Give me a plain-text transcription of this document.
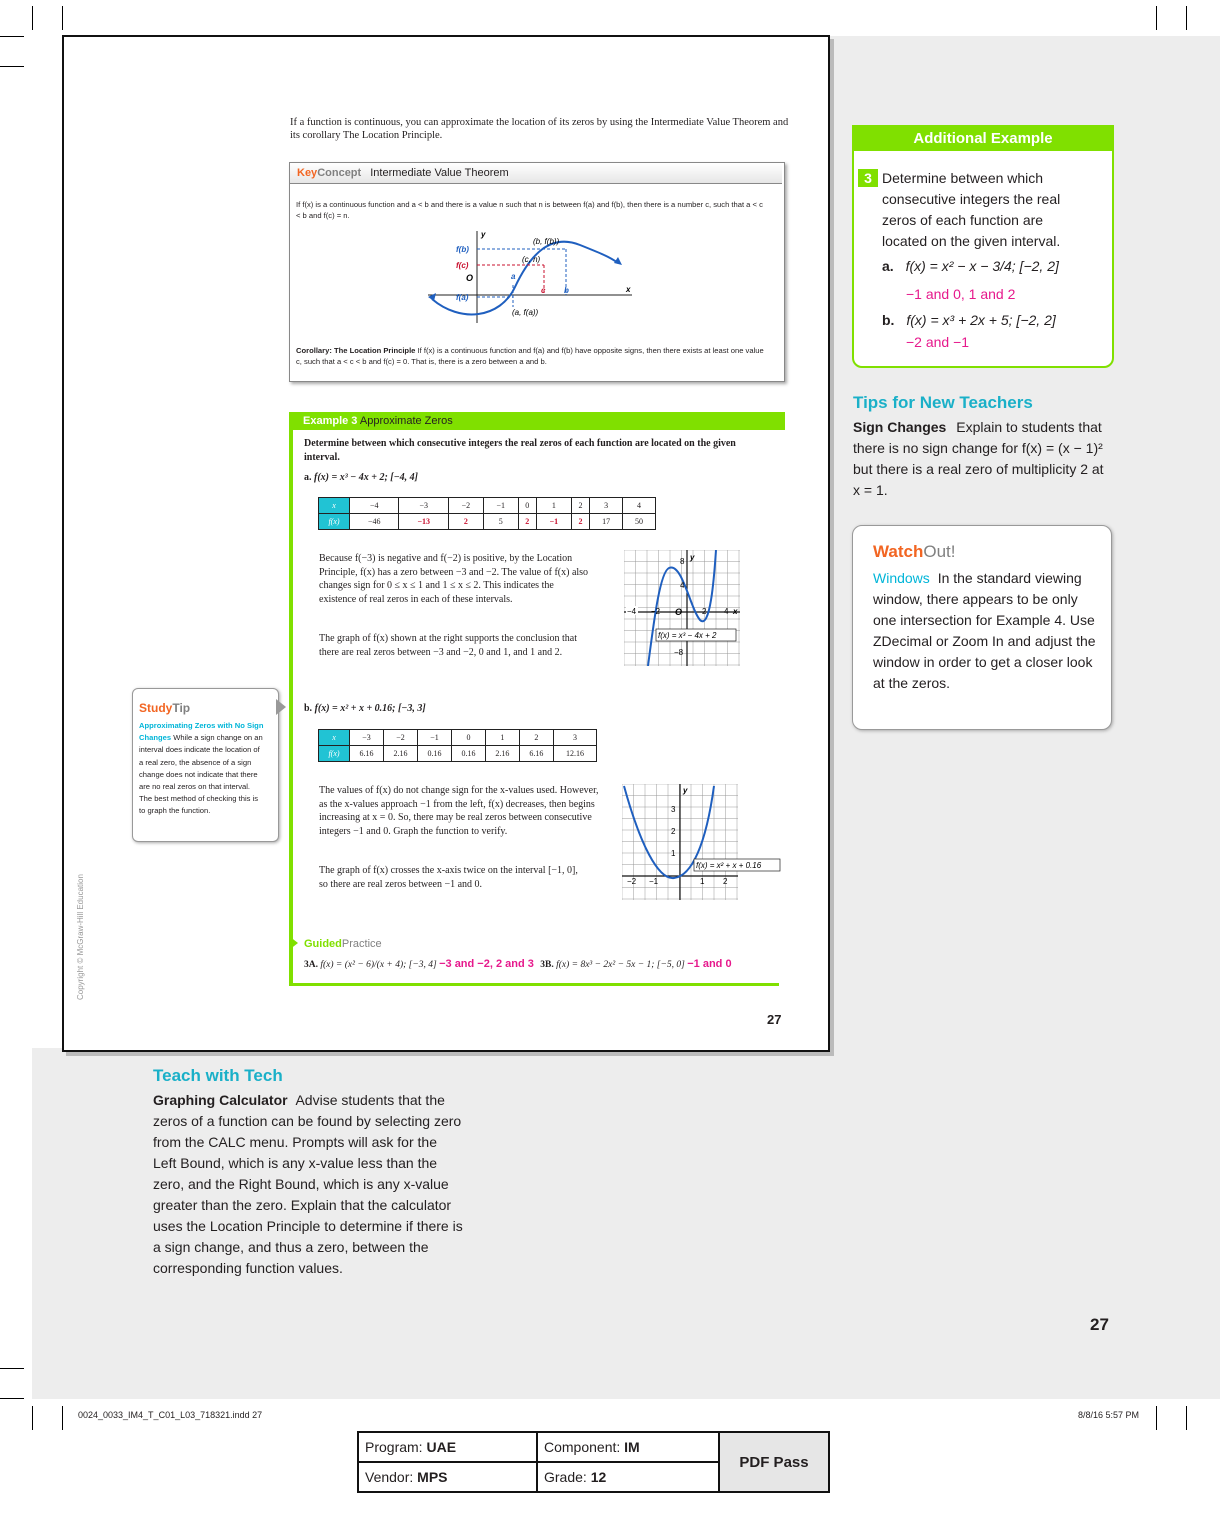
If a function is continuous, you can approximate the location of its zeros by using the Intermediate Value Theorem and its corollary The Location Principle.
KeyConcept Intermediate Value Theorem
If f(x) is a continuous function and a < b and there is a value n such that n is between f(a) and f(b), then there is a number c, such that a < c < b and f(c) = n.
f(b)
f(c)
f(a)
O
x
y
a
c b
(b, f(b))
(c, n)
(a, f(a))
Corollary: The Location Principle If f(x) is a continuous function and f(a) and f(b) have opposite signs, then there exists at least one value c, such that a < c < b and f(c) = 0. That is, there is a zero between a and b.
Example 3 Approximate Zeros
Determine between which consecutive integers the real zeros of each function are located on the given interval.
a. f(x) = x³ − 4x + 2; [−4, 4]
x	−4	−3	−2	−1	0	1	2	3	4
f(x)	−46	−13	2	5	2	−1	2	17	50
Because f(−3) is negative and f(−2) is positive, by the Location Principle, f(x) has a zero between −3 and −2. The value of f(x) also changes sign for 0 ≤ x ≤ 1 and 1 ≤ x ≤ 2. This indicates the existence of real zeros in each of these intervals.
The graph of f(x) shown at the right supports the conclusion that there are real zeros between −3 and −2, 0 and 1, and 1 and 2.
−4 −2 O 2 4 x
8
4
y
−8
f(x) = x³ − 4x + 2
b. f(x) = x² + x + 0.16; [−3, 3]
x	−3	−2	−1	0	1	2	3
f(x)	6.16	2.16	0.16	0.16	2.16	6.16	12.16
The values of f(x) do not change sign for the x-values used. However, as the x-values approach −1 from the left, f(x) decreases, then begins increasing at x = 0. So, there may be real zeros between consecutive integers −1 and 0. Graph the function to verify.
The graph of f(x) crosses the x-axis twice on the interval [−1, 0], so there are real zeros between −1 and 0.
3
2
1
y
−2 −1	1 2
f(x) = x² + x + 0.16
GuidedPractice
3A. f(x) = (x² − 6)/(x + 4); [−3, 4] −3 and −2, 2 and 3 3B. f(x) = 8x³ − 2x² − 5x − 1; [−5, 0] −1 and 0
27
Copyright © McGraw-Hill Education
StudyTip
Approximating Zeros with No Sign Changes While a sign change on an interval does indicate the location of a real zero, the absence of a sign change does not indicate that there are no real zeros on that interval. The best method of checking this is to graph the function.
Additional Example
3 Determine between which consecutive integers the real zeros of each function are located on the given interval.
a. f(x) = x² − x − 3/4; [−2, 2]
−1 and 0, 1 and 2
b. f(x) = x³ + 2x + 5; [−2, 2]
−2 and −1
Tips for New Teachers
Sign Changes Explain to students that there is no sign change for f(x) = (x − 1)² but there is a real zero of multiplicity 2 at x = 1.
WatchOut!
Windows In the standard viewing window, there appears to be only one intersection for Example 4. Use ZDecimal or Zoom In and adjust the window in order to get a closer look at the zeros.
Teach with Tech
Graphing Calculator Advise students that the zeros of a function can be found by selecting zero from the CALC menu. Prompts will ask for the Left Bound, which is any x-value less than the zero, and the Right Bound, which is any x-value greater than the zero. Explain that the calculator uses the Location Principle to determine if there is a sign change, and thus a zero, between the corresponding function values.
27
0024_0033_IM4_T_C01_L03_718321.indd 27	8/8/16 5:57 PM
Program: UAE	Component: IM	PDF Pass
Vendor: MPS	Grade: 12	
